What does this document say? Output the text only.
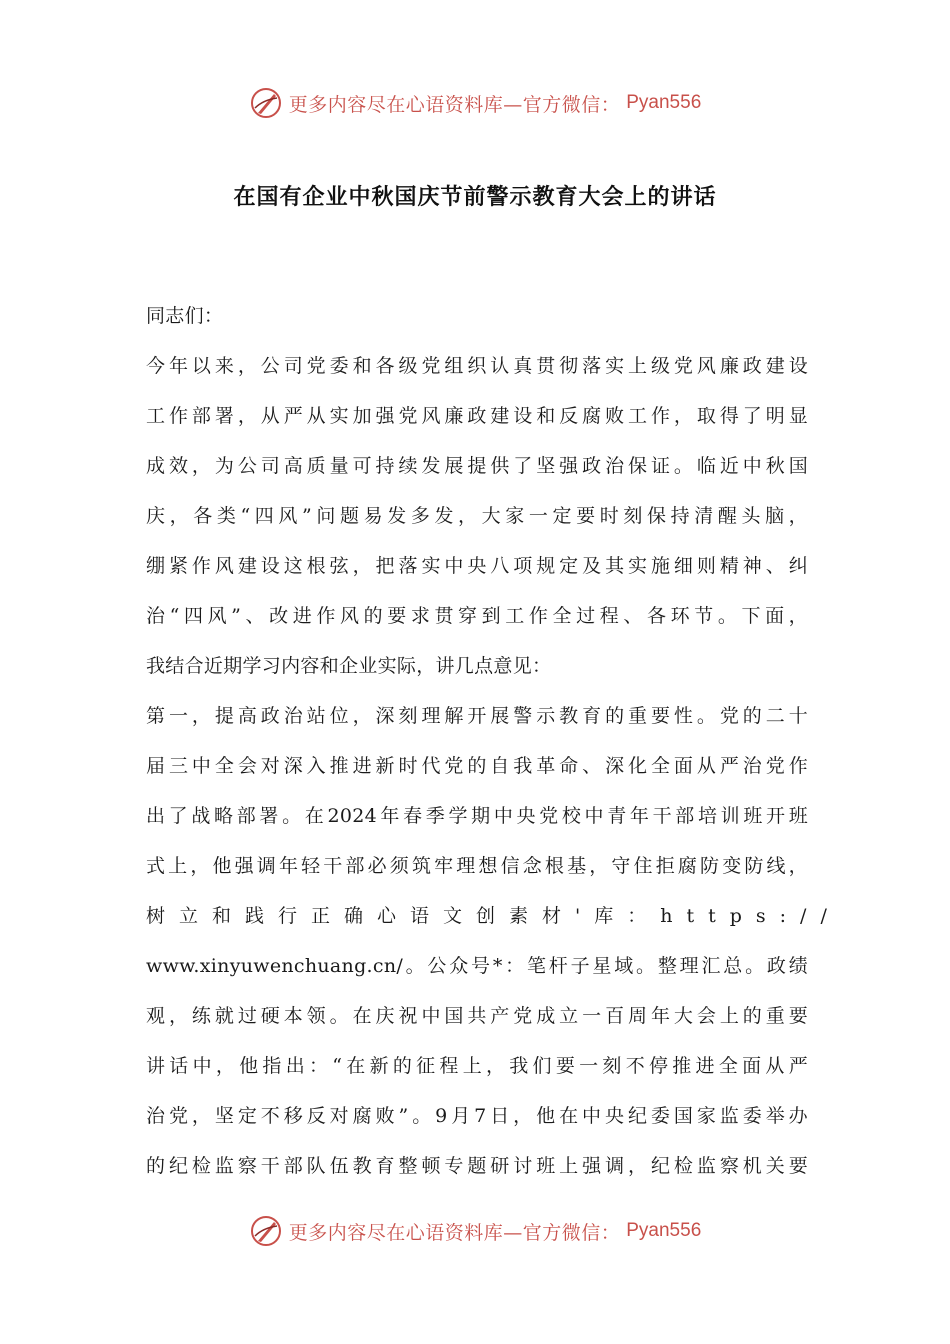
更多内容尽在心语资料库—官方微信： Pyan556
在国有企业中秋国庆节前警示教育大会上的讲话
同志们：
今年以来，公司党委和各级党组织认真贯彻落实上级党风廉政建设
工作部署，从严从实加强党风廉政建设和反腐败工作，取得了明显
成效，为公司高质量可持续发展提供了坚强政治保证。临近中秋国
庆，各类“四风”问题易发多发，大家一定要时刻保持清醒头脑，
绷紧作风建设这根弦，把落实中央八项规定及其实施细则精神、纠
治“四风”、改进作风的要求贯穿到工作全过程、各环节。下面，
我结合近期学习内容和企业实际，讲几点意见：
第一，提高政治站位，深刻理解开展警示教育的重要性。党的二十
届三中全会对深入推进新时代党的自我革命、深化全面从严治党作
出了战略部署。在2024年春季学期中央党校中青年干部培训班开班
式上，他强调年轻干部必须筑牢理想信念根基，守住拒腐防变防线，
树立和践行正确心语文创素材'库：https://
www.xinyuwenchuang.cn/。公众号*：笔杆子星域。整理汇总。政绩
观，练就过硬本领。在庆祝中国共产党成立一百周年大会上的重要
讲话中，他指出：“在新的征程上，我们要一刻不停推进全面从严
治党，坚定不移反对腐败”。9月7日，他在中央纪委国家监委举办
的纪检监察干部队伍教育整顿专题研讨班上强调，纪检监察机关要
更多内容尽在心语资料库—官方微信： Pyan556
